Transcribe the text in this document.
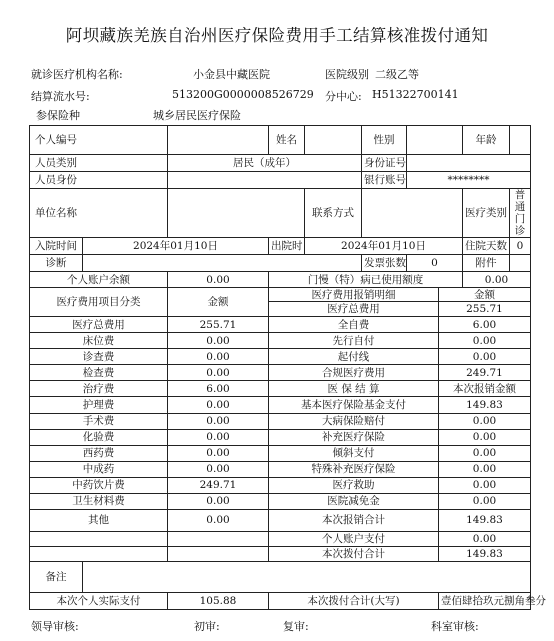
阿坝藏族羌族自治州医疗保险费用手工结算核准拨付通知
就诊医疗机构名称:	小金县中藏医院	医院级别 二级乙等
结算流水号:	513200G0000008526729 分中心: H51322700141
参保险种	城乡居民医疗保险
个人编号			姓名		性别			年龄	
人员类别		居民（成年）			身份证号				
人员身份					银行账号	********			
单位名称				联系方式				医疗类别	普通门诊
入院时间	2024年01月10日		出院时	2024年01月10日				住院天数	0
诊断					发票张数	0		附件	
个人账户余额		0.00	门慢（特）病已使用额度					0.00	
医疗费用项目分类		金额	医疗费用报销明细				金额		
			医疗总费用				255.71		
医疗总费用		255.71	全自费				6.00		
床位费		0.00	先行自付				0.00		
诊查费		0.00	起付线				0.00		
检查费		0.00	合规医疗费用				249.71		
治疗费		6.00	医 保 结 算				本次报销金额		
护理费		0.00	基本医疗保险基金支付				149.83		
手术费		0.00	大病保险赔付				0.00		
化验费		0.00	补充医疗保险				0.00		
西药费		0.00	倾斜支付				0.00		
中成药		0.00	特殊补充医疗保险				0.00		
中药饮片费		249.71	医疗救助				0.00		
卫生材料费		0.00	医院减免金				0.00		
其他		0.00	本次报销合计				149.83		
			个人账户支付				0.00		
			本次拨付合计				149.83		
备注									
本次个人实际支付		105.88	本次拨付合计(大写)				壹佰肆拾玖元捌角叁分		
领导审核:	初审:	复审:	科室审核:
